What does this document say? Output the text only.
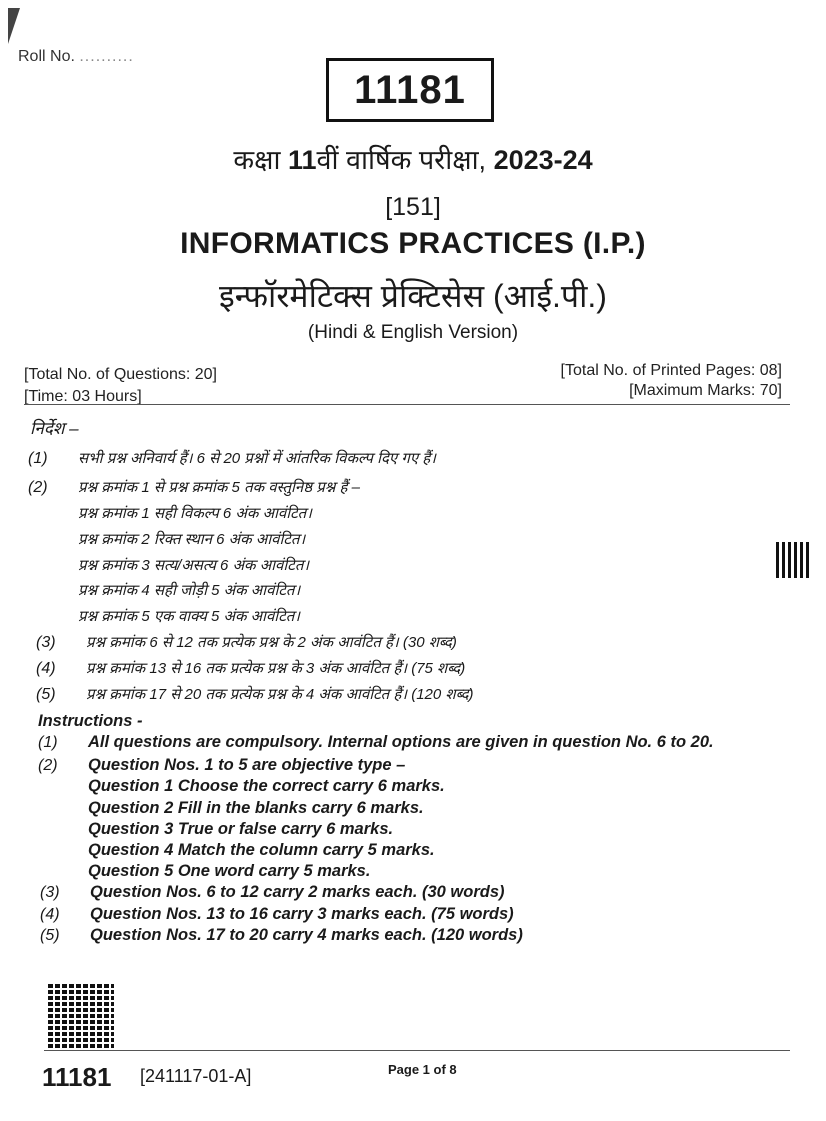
Roll No. ..........
11181
कक्षा 11वीं वार्षिक परीक्षा, 2023-24
[151]
INFORMATICS PRACTICES (I.P.)
इन्फॉरमेटिक्स प्रेक्टिसेस (आई.पी.)
(Hindi & English Version)
[Total No. of Questions: 20]
[Time: 03 Hours]
[Total No. of Printed Pages: 08]
[Maximum Marks: 70]
निर्देश –
(1) सभी प्रश्न अनिवार्य हैं। 6 से 20 प्रश्नों में आंतरिक विकल्प दिए गए हैं।
(2) प्रश्न क्रमांक 1 से प्रश्न क्रमांक 5 तक वस्तुनिष्ठ प्रश्न हैं –
प्रश्न क्रमांक 1 सही विकल्प 6 अंक आवंटित।
प्रश्न क्रमांक 2 रिक्त स्थान 6 अंक आवंटित।
प्रश्न क्रमांक 3 सत्य/असत्य 6 अंक आवंटित।
प्रश्न क्रमांक 4 सही जोड़ी 5 अंक आवंटित।
प्रश्न क्रमांक 5 एक वाक्य 5 अंक आवंटित।
(3) प्रश्न क्रमांक 6 से 12 तक प्रत्येक प्रश्न के 2 अंक आवंटित हैं। (30 शब्द)
(4) प्रश्न क्रमांक 13 से 16 तक प्रत्येक प्रश्न के 3 अंक आवंटित हैं। (75 शब्द)
(5) प्रश्न क्रमांक 17 से 20 तक प्रत्येक प्रश्न के 4 अंक आवंटित हैं। (120 शब्द)
Instructions -
(1) All questions are compulsory. Internal options are given in question No. 6 to 20.
(2) Question Nos. 1 to 5 are objective type –
Question 1 Choose the correct carry 6 marks.
Question 2 Fill in the blanks carry 6 marks.
Question 3 True or false carry 6 marks.
Question 4 Match the column carry 5 marks.
Question 5 One word carry 5 marks.
(3) Question Nos. 6 to 12 carry 2 marks each. (30 words)
(4) Question Nos. 13 to 16 carry 3 marks each. (75 words)
(5) Question Nos. 17 to 20 carry 4 marks each. (120 words)
11181 [241117-01-A]	Page 1 of 8
